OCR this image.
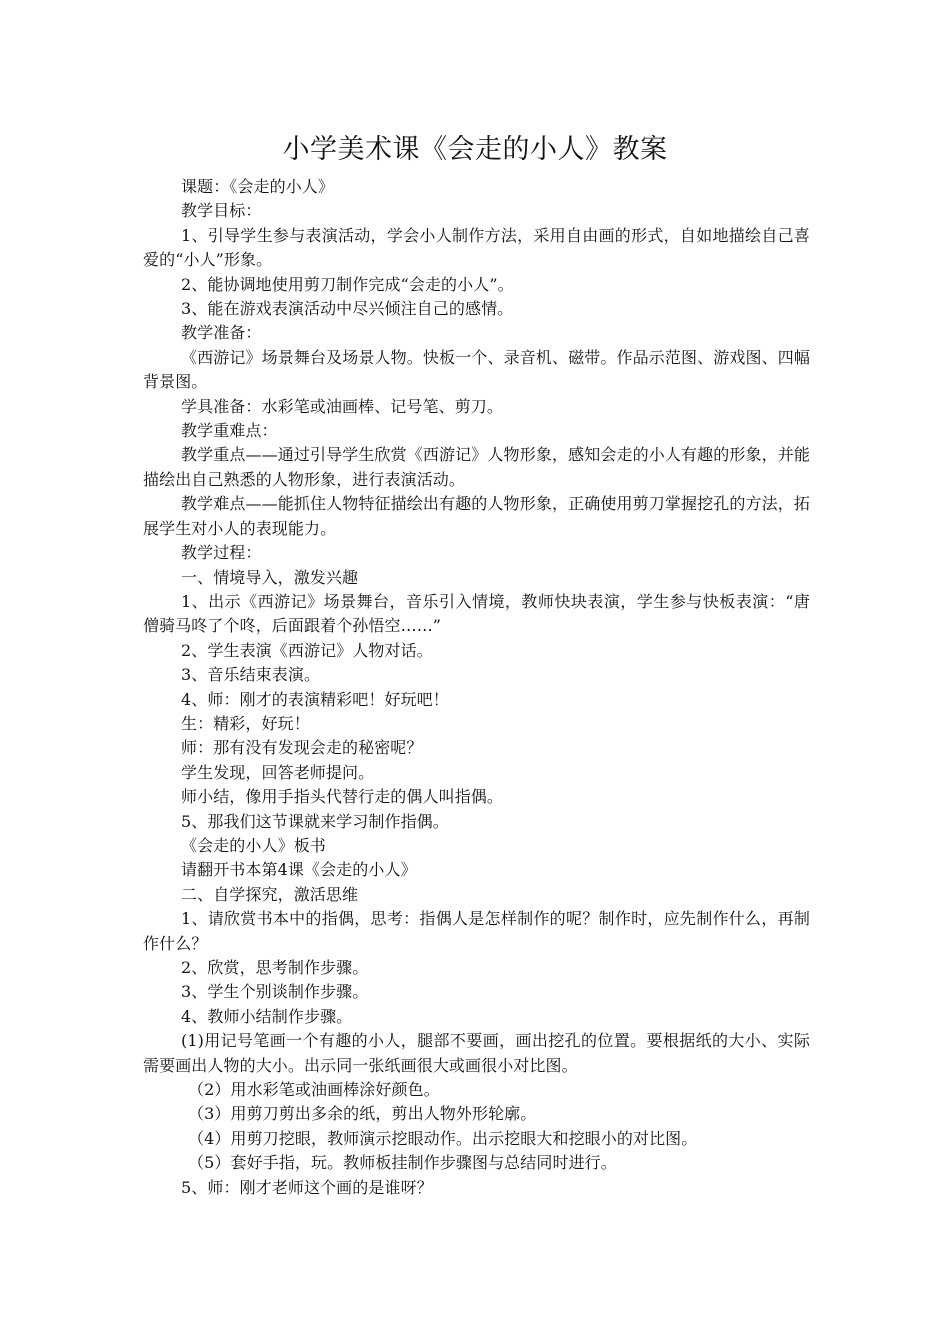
小学美术课《会走的小人》教案

课题：《会走的小人》

教学目标：

1、引导学生参与表演活动，学会小人制作方法，采用自由画的形式，自如地描绘自己喜爱的“小人”形象。

2、能协调地使用剪刀制作完成“会走的小人”。

3、能在游戏表演活动中尽兴倾注自己的感情。

教学准备：

《西游记》场景舞台及场景人物。快板一个、录音机、磁带。作品示范图、游戏图、四幅背景图。

学具准备：水彩笔或油画棒、记号笔、剪刀。

教学重难点：

教学重点——通过引导学生欣赏《西游记》人物形象，感知会走的小人有趣的形象，并能描绘出自己熟悉的人物形象，进行表演活动。

教学难点——能抓住人物特征描绘出有趣的人物形象，正确使用剪刀掌握挖孔的方法，拓展学生对小人的表现能力。

教学过程：

一、情境导入，激发兴趣

1、出示《西游记》场景舞台，音乐引入情境，教师快块表演，学生参与快板表演：“唐僧骑马咚了个咚，后面跟着个孙悟空……”

2、学生表演《西游记》人物对话。

3、音乐结束表演。

4、师：刚才的表演精彩吧！好玩吧！

生：精彩，好玩！

师：那有没有发现会走的秘密呢？

学生发现，回答老师提问。

师小结，像用手指头代替行走的偶人叫指偶。

5、那我们这节课就来学习制作指偶。

《会走的小人》板书

请翻开书本第4课《会走的小人》

二、自学探究，激活思维

1、请欣赏书本中的指偶，思考：指偶人是怎样制作的呢？制作时，应先制作什么，再制作什么？

2、欣赏，思考制作步骤。

3、学生个别谈制作步骤。

4、教师小结制作步骤。

(1)用记号笔画一个有趣的小人，腿部不要画，画出挖孔的位置。要根据纸的大小、实际需要画出人物的大小。出示同一张纸画很大或画很小对比图。

（2）用水彩笔或油画棒涂好颜色。

（3）用剪刀剪出多余的纸，剪出人物外形轮廓。

（4）用剪刀挖眼，教师演示挖眼动作。出示挖眼大和挖眼小的对比图。

（5）套好手指，玩。教师板挂制作步骤图与总结同时进行。

5、师：刚才老师这个画的是谁呀？
